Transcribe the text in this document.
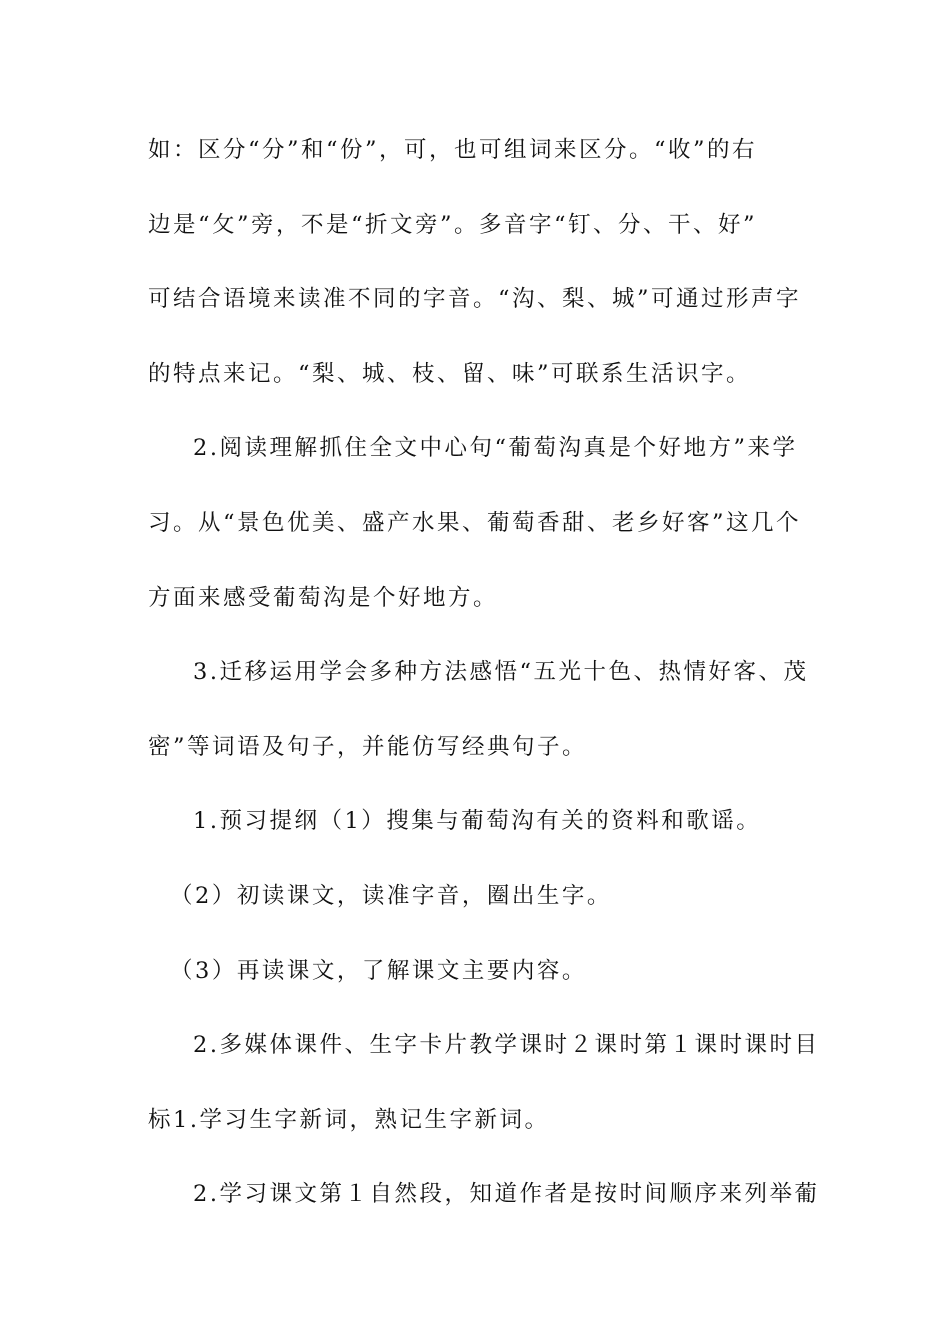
如：区分“分”和“份”，可，也可组词来区分。“收”的右
边是“攵”旁，不是“折文旁”。多音字“钉、分、干、好”
可结合语境来读准不同的字音。“沟、梨、城”可通过形声字
的特点来记。“梨、城、枝、留、味”可联系生活识字。
2.阅读理解抓住全文中心句“葡萄沟真是个好地方”来学
习。从“景色优美、盛产水果、葡萄香甜、老乡好客”这几个
方面来感受葡萄沟是个好地方。
3.迁移运用学会多种方法感悟“五光十色、热情好客、茂
密”等词语及句子，并能仿写经典句子。
1.预习提纲（1）搜集与葡萄沟有关的资料和歌谣。
（2）初读课文，读准字音，圈出生字。
（3）再读课文，了解课文主要内容。
2.多媒体课件、生字卡片教学课时２课时第１课时课时目
标1.学习生字新词，熟记生字新词。
2.学习课文第１自然段，知道作者是按时间顺序来列举葡
